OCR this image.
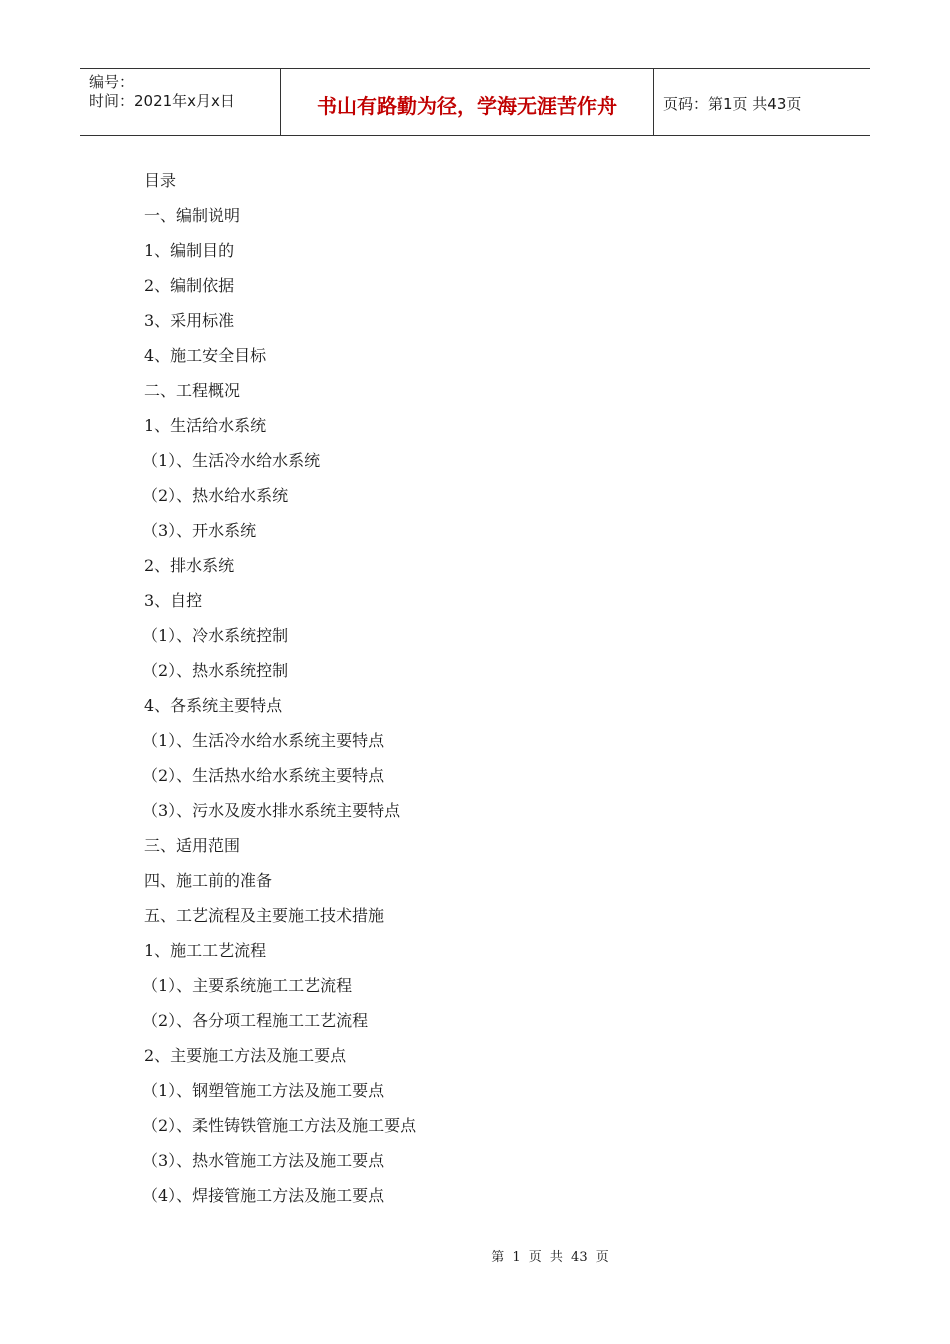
编号：
时间：2021年x月x日	书山有路勤为径，学海无涯苦作舟	页码：第1页 共43页
目录
一、编制说明
1、编制目的
2、编制依据
3、采用标准
4、施工安全目标
二、工程概况
1、生活给水系统
（1）、生活冷水给水系统
（2）、热水给水系统
（3）、开水系统
2、排水系统
3、自控
（1）、冷水系统控制
（2）、热水系统控制
4、各系统主要特点
（1）、生活冷水给水系统主要特点
（2）、生活热水给水系统主要特点
（3）、污水及废水排水系统主要特点
三、适用范围
四、施工前的准备
五、工艺流程及主要施工技术措施
1、施工工艺流程
（1）、主要系统施工工艺流程
（2）、各分项工程施工工艺流程
2、主要施工方法及施工要点
（1）、钢塑管施工方法及施工要点
（2）、柔性铸铁管施工方法及施工要点
（3）、热水管施工方法及施工要点
（4）、焊接管施工方法及施工要点
第 1 页 共 43 页
